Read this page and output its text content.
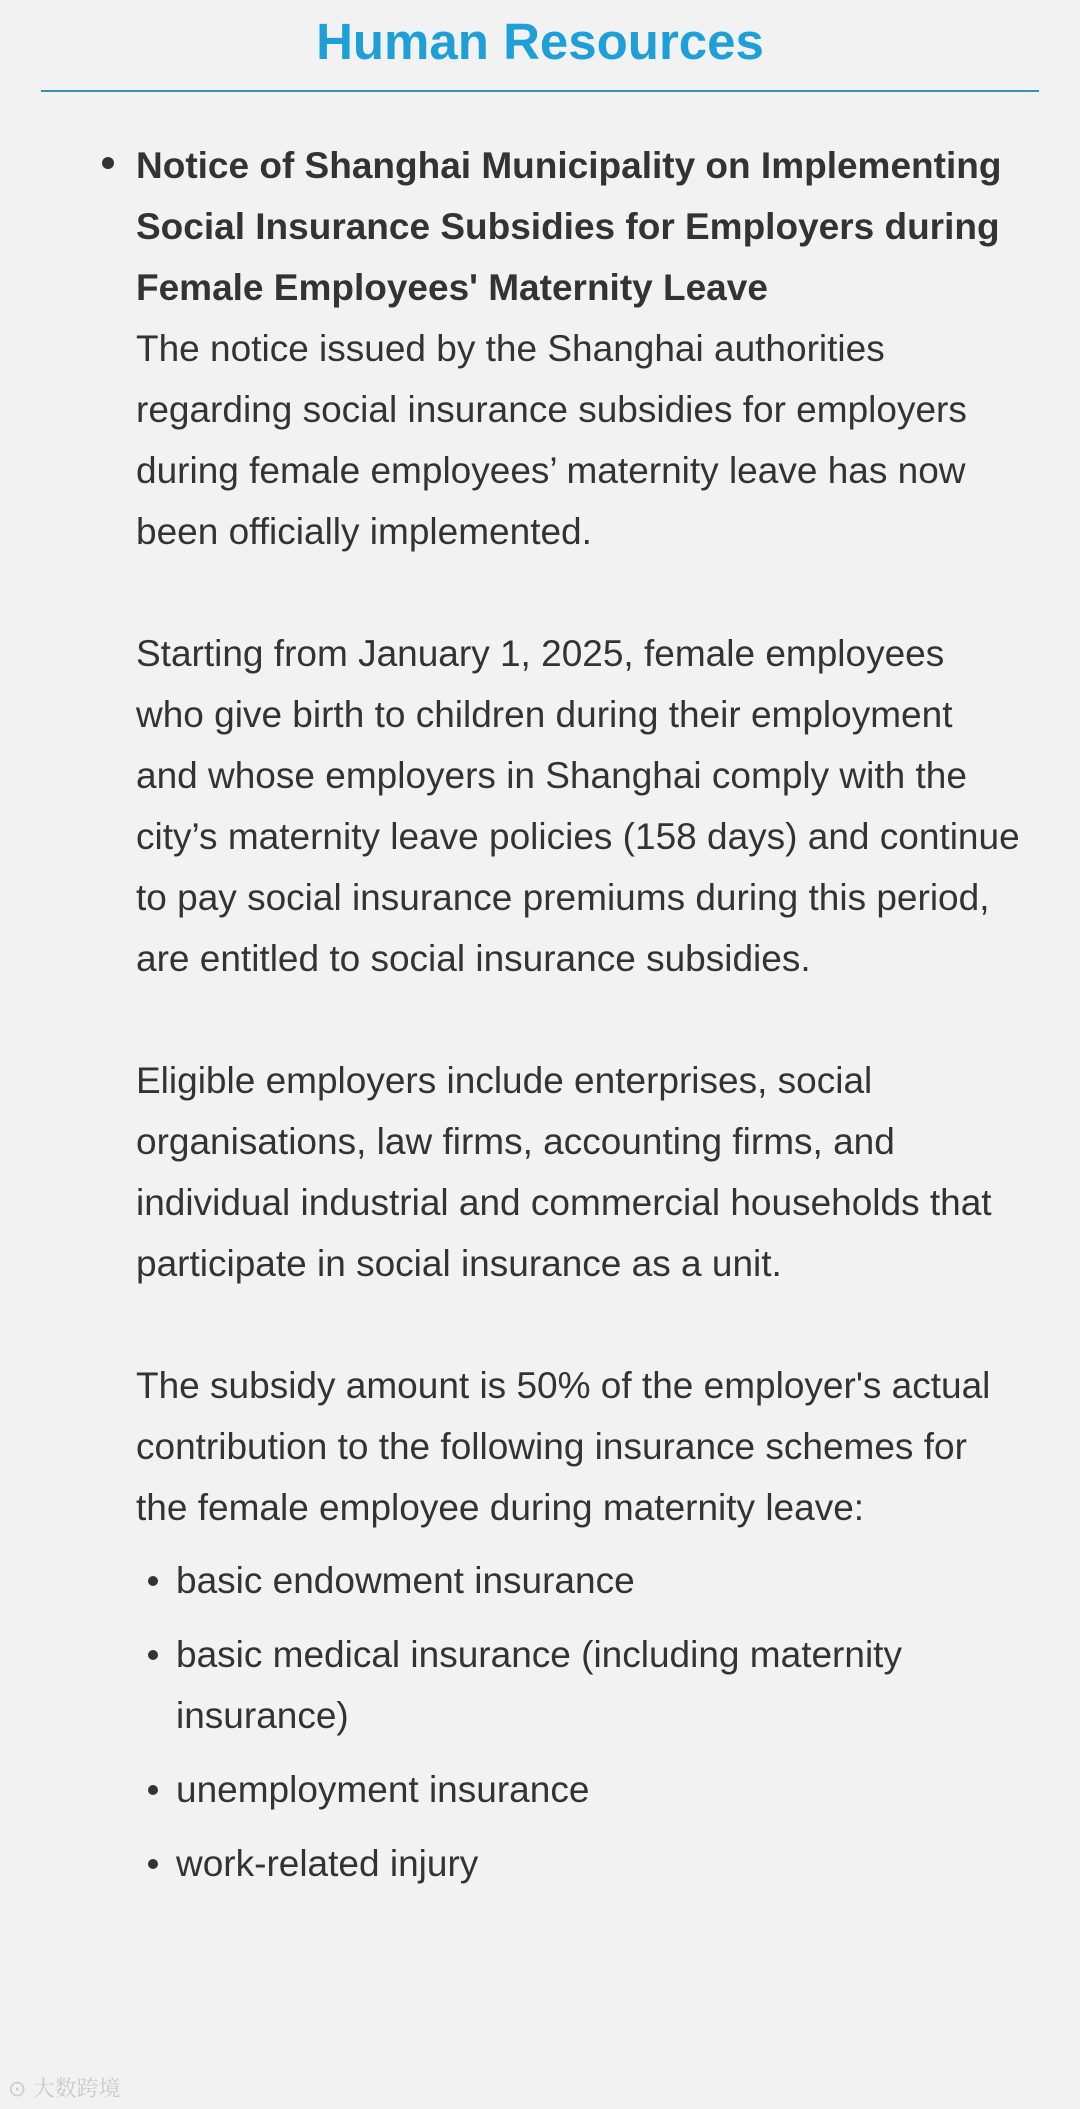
Human Resources

Notice of Shanghai Municipality on Implementing Social Insurance Subsidies for Employers during Female Employees' Maternity Leave

The notice issued by the Shanghai authorities regarding social insurance subsidies for employers during female employees’ maternity leave has now been officially implemented.

Starting from January 1, 2025, female employees who give birth to children during their employment and whose employers in Shanghai comply with the city’s maternity leave policies (158 days) and continue to pay social insurance premiums during this period, are entitled to social insurance subsidies.

Eligible employers include enterprises, social organisations, law firms, accounting firms, and individual industrial and commercial households that participate in social insurance as a unit.

The subsidy amount is 50% of the employer's actual contribution to the following insurance schemes for the female employee during maternity leave:

basic endowment insurance
basic medical insurance (including maternity insurance)
unemployment insurance
work-related injury
⊙ 大数跨境
